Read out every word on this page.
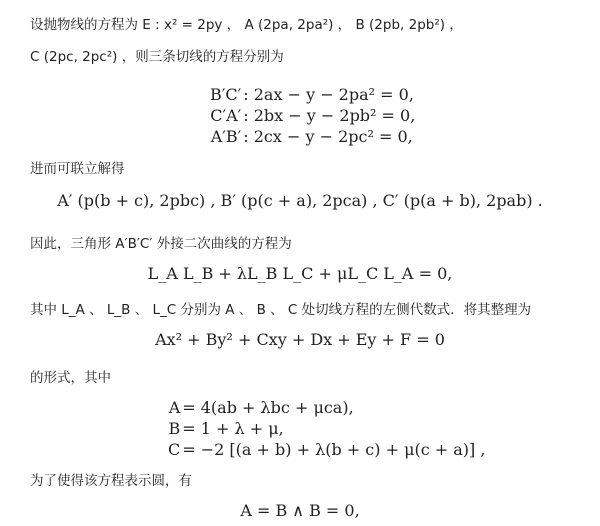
设抛物线的方程为 E : x² = 2py ， A (2pa, 2pa²) ， B (2pb, 2pb²) ，
C (2pc, 2pc²) ，则三条切线的方程分别为
B′C′ : 2ax − y − 2pa² = 0,
C′A′ : 2bx − y − 2pb² = 0,
A′B′ : 2cx − y − 2pc² = 0,
进而可联立解得
A′ (p(b + c), 2pbc) , B′ (p(c + a), 2pca) , C′ (p(a + b), 2pab) .
因此，三角形 A′B′C′ 外接二次曲线的方程为
L_A L_B + λL_B L_C + μL_C L_A = 0,
其中 L_A 、 L_B 、 L_C 分别为 A 、 B 、 C 处切线方程的左侧代数式．将其整理为
Ax² + By² + Cxy + Dx + Ey + F = 0
的形式，其中
A = 4(ab + λbc + μca),
B = 1 + λ + μ,
C = −2 [(a + b) + λ(b + c) + μ(c + a)] ,
为了使得该方程表示圆，有
A = B ∧ B = 0,
